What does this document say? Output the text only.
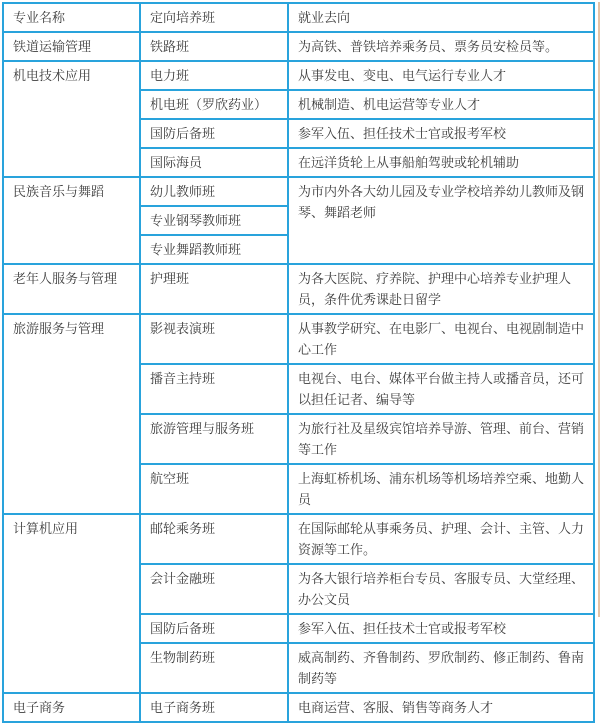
专业名称	定向培养班	就业去向
铁道运输管理	铁路班	为高铁、普铁培养乘务员、票务员安检员等。
机电技术应用	电力班	从事发电、变电、电气运行专业人才
	机电班（罗欣药业）	机械制造、机电运营等专业人才
	国防后备班	参军入伍、担任技术士官或报考军校
	国际海员	在远洋货轮上从事船舶驾驶或轮机辅助
民族音乐与舞蹈	幼儿教师班	为市内外各大幼儿园及专业学校培养幼儿教师及钢琴、舞蹈老师
	专业钢琴教师班	
	专业舞蹈教师班	
老年人服务与管理	护理班	为各大医院、疗养院、护理中心培养专业护理人员，条件优秀课赴日留学
旅游服务与管理	影视表演班	从事教学研究、在电影厂、电视台、电视剧制造中心工作
	播音主持班	电视台、电台、媒体平台做主持人或播音员，还可以担任记者、编导等
	旅游管理与服务班	为旅行社及星级宾馆培养导游、管理、前台、营销等工作
	航空班	上海虹桥机场、浦东机场等机场培养空乘、地勤人员
计算机应用	邮轮乘务班	在国际邮轮从事乘务员、护理、会计、主管、人力资源等工作。
	会计金融班	为各大银行培养柜台专员、客服专员、大堂经理、办公文员
	国防后备班	参军入伍、担任技术士官或报考军校
	生物制药班	威高制药、齐鲁制药、罗欣制药、修正制药、鲁南制药等
电子商务	电子商务班	电商运营、客服、销售等商务人才
